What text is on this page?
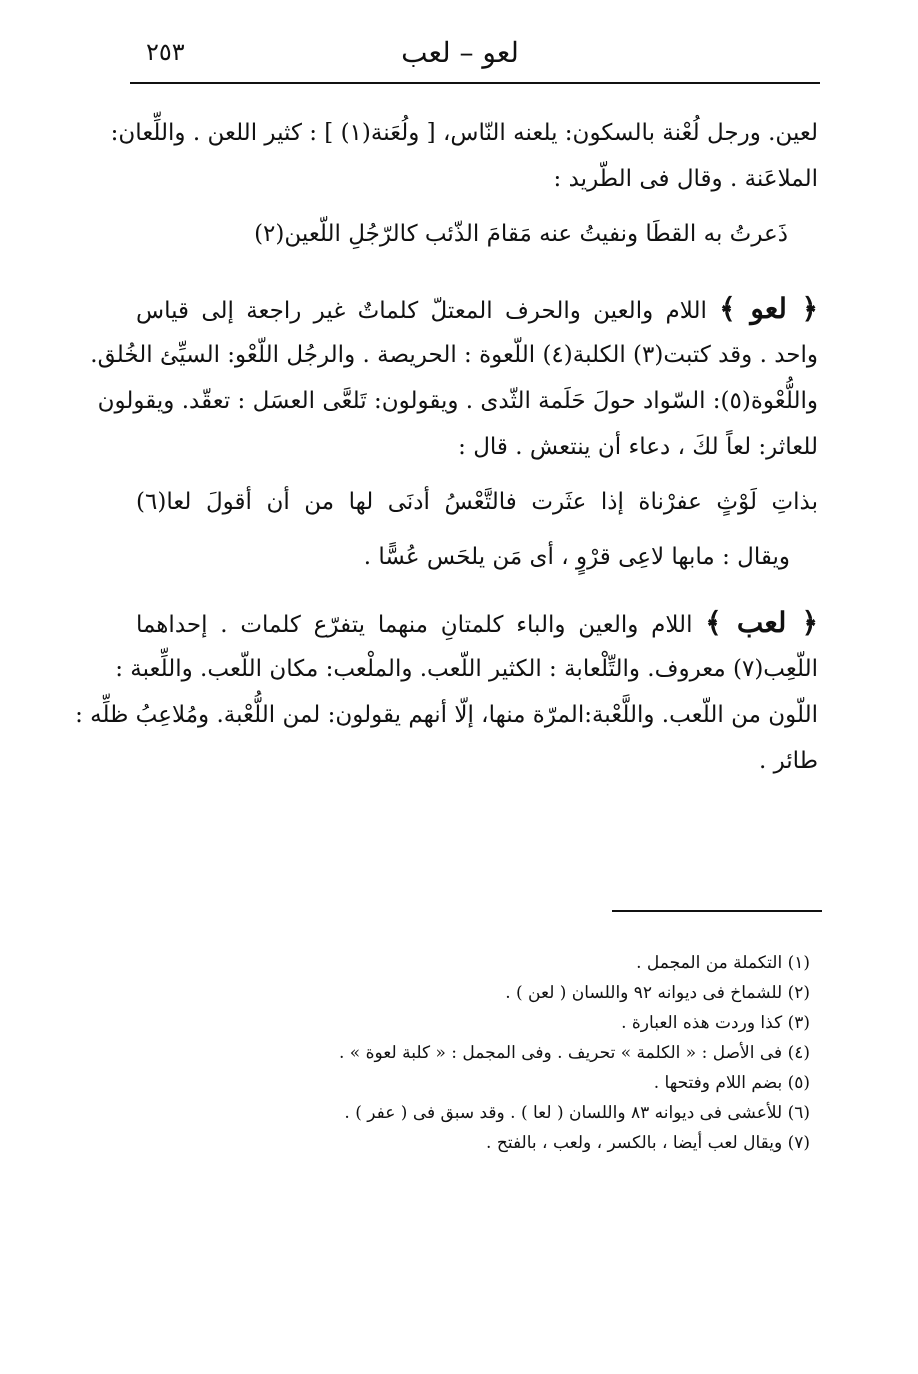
لعو – لعب
٢٥٣
لعين. ورجل لُعْنة بالسكون: يلعنه النّاس، [ ولُعَنة(١) ] : كثير اللعن . واللِّعان:
الملاعَنة . وقال فى الطّريد :
ذَعرتُ به القطَا ونفيتُ عنه مَقامَ الذّئب كالرّجُلِ اللّعين(٢)
﴿ لعو ﴾ اللام والعين والحرف المعتلّ كلماتٌ غير راجعة إلى قياس
واحد . وقد كتبت(٣) الكلبة(٤) اللّعوة : الحريصة . والرجُل اللّعْو: السيِّئ الخُلق.
واللُّعْوة(٥): السّواد حولَ حَلَمة الثّدى . ويقولون: تَلعَّى العسَل : تعقّد. ويقولون
للعاثر: لعاً لكَ ، دعاء أن ينتعش . قال :
بذاتِ لَوْثٍ عفرْناة إذا عثَرت فالتَّعْسُ أدنَى لها من أن أقولَ لعا(٦)
ويقال : مابها لاعِى قرْوٍ ، أى مَن يلحَس عُسًّا .
﴿ لعب ﴾ اللام والعين والباء كلمتانِ منهما يتفرّع كلمات . إحداهما
اللّعِب(٧) معروف. والتِّلْعابة : الكثير اللّعب. والملْعب: مكان اللّعب. واللِّعبة :
اللّون من اللّعب. واللَّعْبة:المرّة منها، إلّا أنهم يقولون: لمن اللُّعْبة. ومُلاعِبُ ظلِّه :
طائر .
(١) التكملة من المجمل .
(٢) للشماخ فى ديوانه ٩٢ واللسان ( لعن ) .
(٣) كذا وردت هذه العبارة .
(٤) فى الأصل : « الكلمة » تحريف . وفى المجمل : « كلبة لعوة » .
(٥) بضم اللام وفتحها .
(٦) للأعشى فى ديوانه ٨٣ واللسان ( لعا ) . وقد سبق فى ( عفر ) .
(٧) ويقال لعب أيضا ، بالكسر ، ولعب ، بالفتح .
